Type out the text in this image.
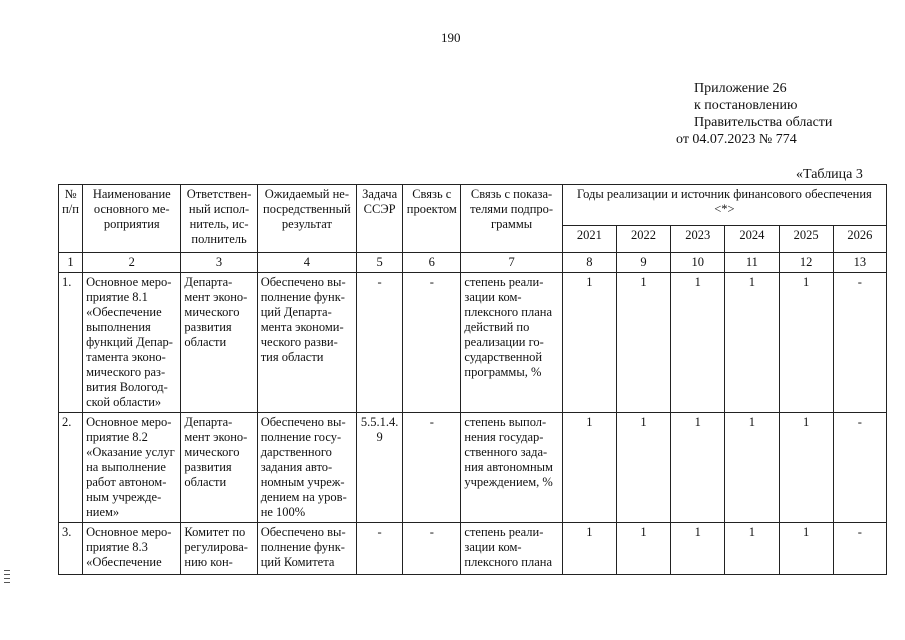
190
Приложение 26
к постановлению
Правительства области
от 04.07.2023 № 774
«Таблица 3
№ п/п	Наименование основного ме-роприятия	Ответствен-ный испол-нитель, ис-полнитель	Ожидаемый не-посредственный результат	Задача ССЭР	Связь с проектом	Связь с показа-телями подпро-граммы	Годы реализации и источник финансового обеспечения <*>					
							2021	2022	2023	2024	2025	2026
1	2	3	4	5	6	7	8	9	10	11	12	13
1.	Основное меро-приятие 8.1 «Обеспечение выполнения функций Депар-тамента эконо-мического раз-вития Вологод-ской области»	Департа-мент эконо-мического развития области	Обеспечено вы-полнение функ-ций Департа-мента экономи-ческого разви-тия области	-	-	степень реали-зации ком-плексного плана действий по реализации го-сударственной программы, %	1	1	1	1	1	-
2.	Основное меро-приятие 8.2 «Оказание услуг на выполнение работ автоном-ным учрежде-нием»	Департа-мент эконо-мического развития области	Обеспечено вы-полнение госу-дарственного задания авто-номным учреж-дением на уров-не 100%	5.5.1.4.9	-	степень выпол-нения государ-ственного зада-ния автономным учреждением, %	1	1	1	1	1	-
3.	Основное меро-приятие 8.3 «Обеспечение	Комитет по регулирова-нию кон-	Обеспечено вы-полнение функ-ций Комитета	-	-	степень реали-зации ком-плексного плана	1	1	1	1	1	-
